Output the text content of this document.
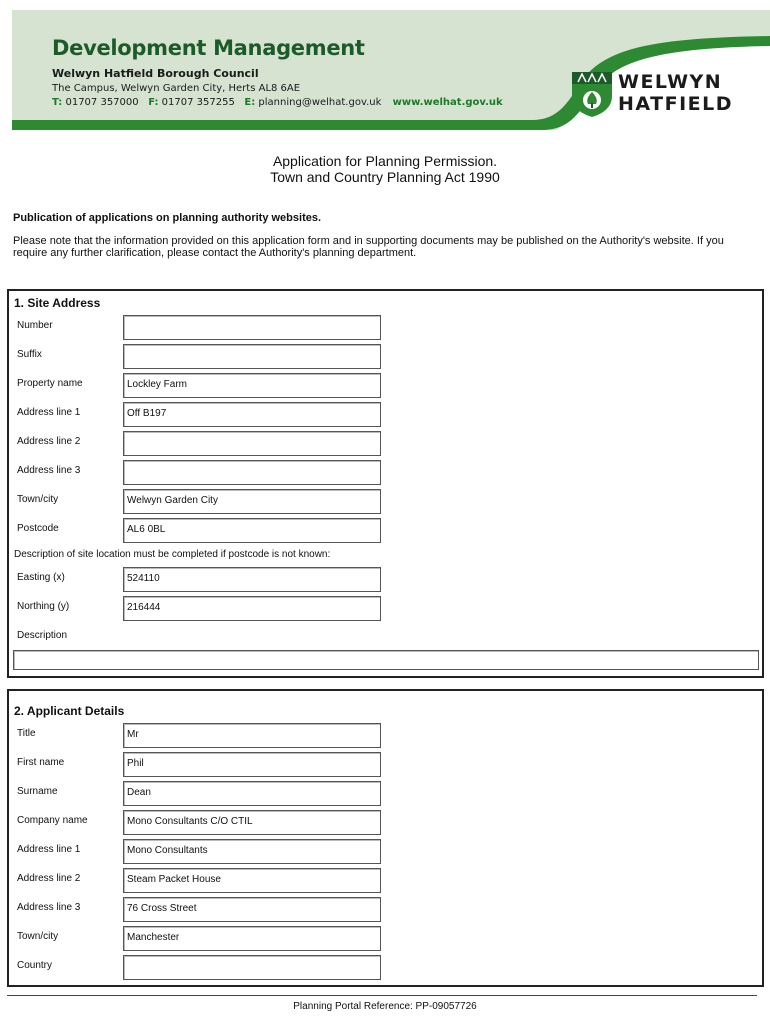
Development Management
Welwyn Hatfield Borough Council
The Campus, Welwyn Garden City, Herts AL8 6AE
T: 01707 357000 F: 01707 357255 E: planning@welhat.gov.uk www.welhat.gov.uk
WELWYN
HATFIELD
Application for Planning Permission.
Town and Country Planning Act 1990
Publication of applications on planning authority websites.
Please note that the information provided on this application form and in supporting documents may be published on the Authority's website. If you require any further clarification, please contact the Authority's planning department.
1. Site Address
Number
Suffix
Property name	Lockley Farm
Address line 1	Off B197
Address line 2
Address line 3
Town/city	Welwyn Garden City
Postcode	AL6 0BL
Description of site location must be completed if postcode is not known:
Easting (x)	524110
Northing (y)	216444
Description
2. Applicant Details
Title	Mr
First name	Phil
Surname	Dean
Company name	Mono Consultants C/O CTIL
Address line 1	Mono Consultants
Address line 2	Steam Packet House
Address line 3	76 Cross Street
Town/city	Manchester
Country
Planning Portal Reference: PP-09057726
